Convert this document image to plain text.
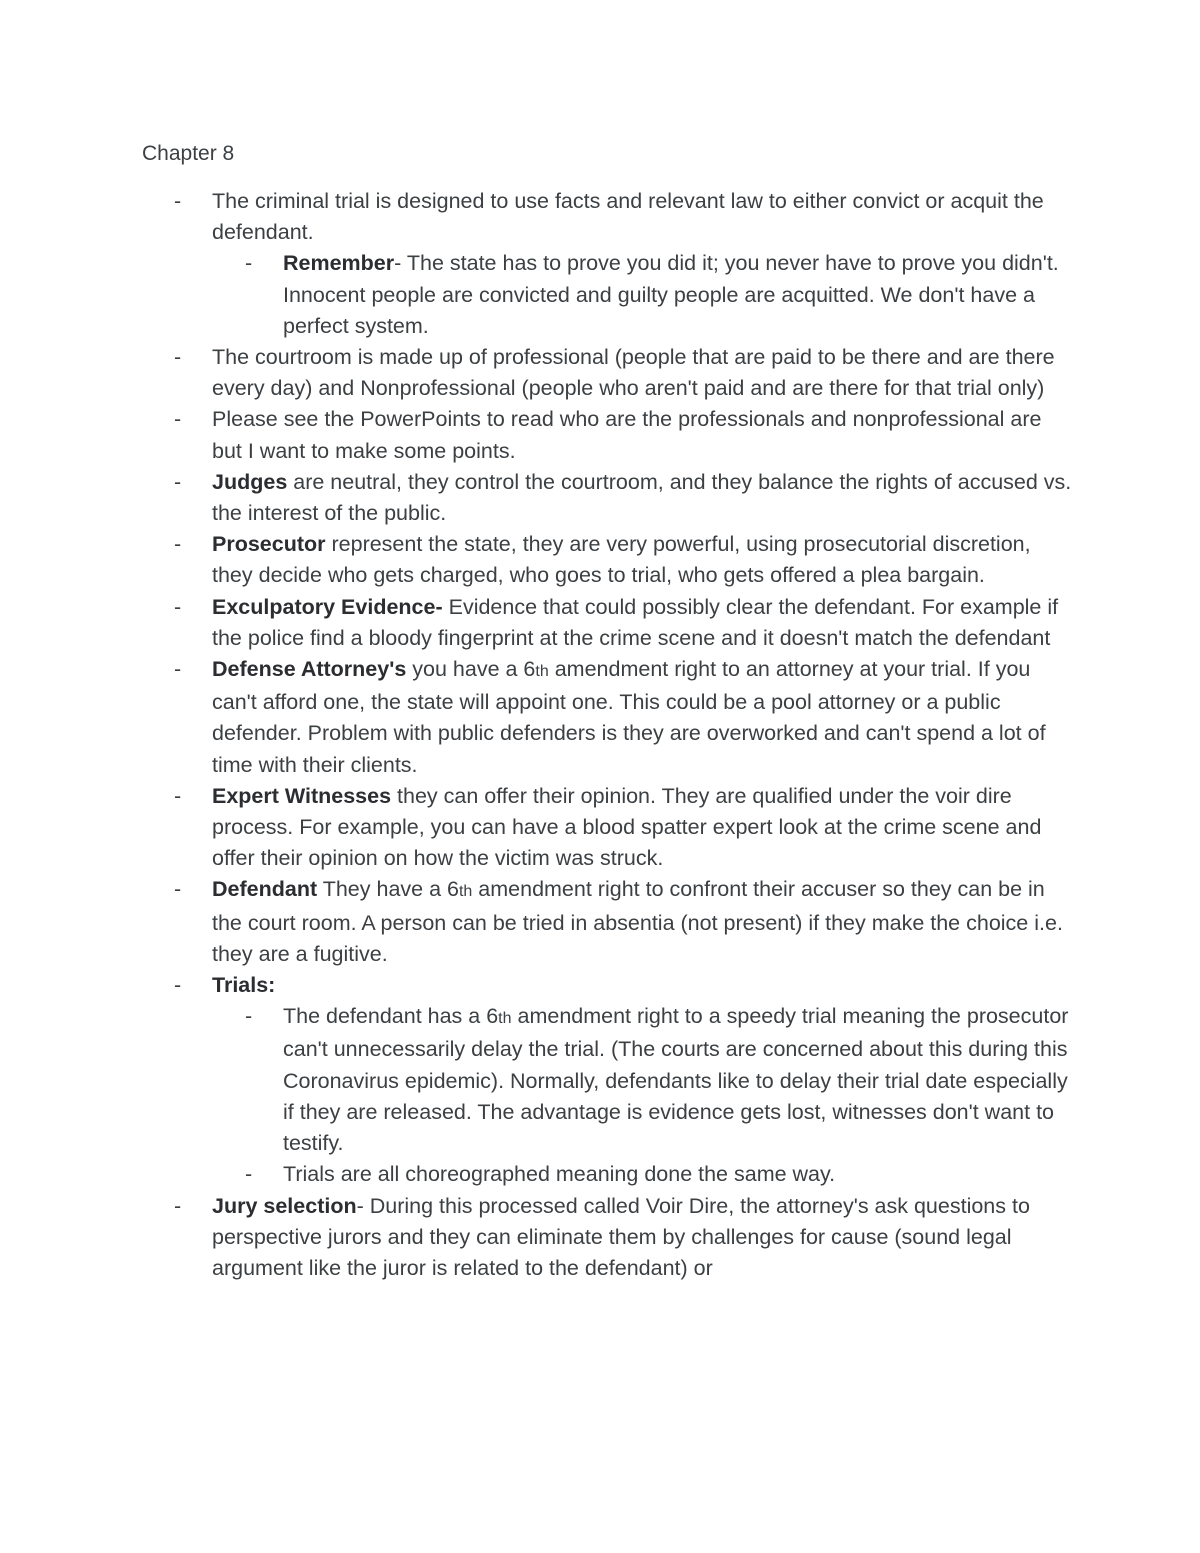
Chapter 8
- The criminal trial is designed to use facts and relevant law to either convict or acquit the defendant.
- Remember- The state has to prove you did it; you never have to prove you didn't. Innocent people are convicted and guilty people are acquitted. We don't have a perfect system.
- The courtroom is made up of professional (people that are paid to be there and are there every day) and Nonprofessional (people who aren't paid and are there for that trial only)
- Please see the PowerPoints to read who are the professionals and nonprofessional are but I want to make some points.
- Judges are neutral, they control the courtroom, and they balance the rights of accused vs. the interest of the public.
- Prosecutor represent the state, they are very powerful, using prosecutorial discretion, they decide who gets charged, who goes to trial, who gets offered a plea bargain.
- Exculpatory Evidence- Evidence that could possibly clear the defendant. For example if the police find a bloody fingerprint at the crime scene and it doesn't match the defendant
- Defense Attorney's you have a 6th amendment right to an attorney at your trial. If you can't afford one, the state will appoint one. This could be a pool attorney or a public defender. Problem with public defenders is they are overworked and can't spend a lot of time with their clients.
- Expert Witnesses they can offer their opinion. They are qualified under the voir dire process. For example, you can have a blood spatter expert look at the crime scene and offer their opinion on how the victim was struck.
- Defendant They have a 6th amendment right to confront their accuser so they can be in the court room. A person can be tried in absentia (not present) if they make the choice i.e. they are a fugitive.
- Trials:
- The defendant has a 6th amendment right to a speedy trial meaning the prosecutor can't unnecessarily delay the trial. (The courts are concerned about this during this Coronavirus epidemic). Normally, defendants like to delay their trial date especially if they are released. The advantage is evidence gets lost, witnesses don't want to testify.
- Trials are all choreographed meaning done the same way.
- Jury selection- During this processed called Voir Dire, the attorney's ask questions to perspective jurors and they can eliminate them by challenges for cause (sound legal argument like the juror is related to the defendant) or
